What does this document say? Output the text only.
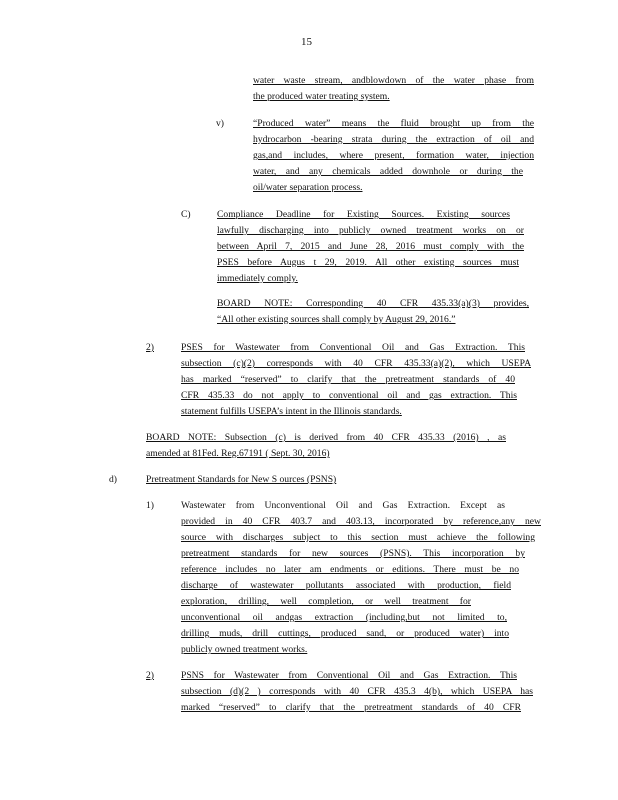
15
water waste stream, andblowdown of the water phase from
the produced water treating system.
v)	“Produced water” means the fluid brought up from the
hydrocarbon -bearing strata during the extraction of oil and
gas,and includes, where present, formation water, injection
water, and any chemicals added downhole or during the
oil/water separation process.
C)	Compliance Deadline for Existing Sources. Existing sources
lawfully discharging into publicly owned treatment works on or
between April 7, 2015 and June 28, 2016 must comply with the
PSES before Augus t 29, 2019. All other existing sources must
immediately comply.
BOARD NOTE: Corresponding 40 CFR 435.33(a)(3) provides,
“All other existing sources shall comply by August 29, 2016.”
2)	PSES for Wastewater from Conventional Oil and Gas Extraction. This
subsection (c)(2) corresponds with 40 CFR 435.33(a)(2), which USEPA
has marked “reserved” to clarify that the pretreatment standards of 40
CFR 435.33 do not apply to conventional oil and gas extraction. This
statement fulfills USEPA’s intent in the Illinois standards.
BOARD NOTE: Subsection (c) is derived from 40 CFR 435.33 (2016) , as
amended at 81Fed. Reg.67191 ( Sept. 30, 2016)
d)	Pretreatment Standards for New S ources (PSNS)
1)	Wastewater from Unconventional Oil and Gas Extraction. Except as
provided in 40 CFR 403.7 and 403.13, incorporated by reference,any new
source with discharges subject to this section must achieve the following
pretreatment standards for new sources (PSNS). This incorporation by
reference includes no later am endments or editions. There must be no
discharge of wastewater pollutants associated with production, field
exploration, drilling, well completion, or well treatment for
unconventional oil andgas extraction (including,but not limited to,
drilling muds, drill cuttings, produced sand, or produced water) into
publicly owned treatment works.
2)	PSNS for Wastewater from Conventional Oil and Gas Extraction. This
subsection (d)(2 ) corresponds with 40 CFR 435.3 4(b), which USEPA has
marked “reserved” to clarify that the pretreatment standards of 40 CFR
